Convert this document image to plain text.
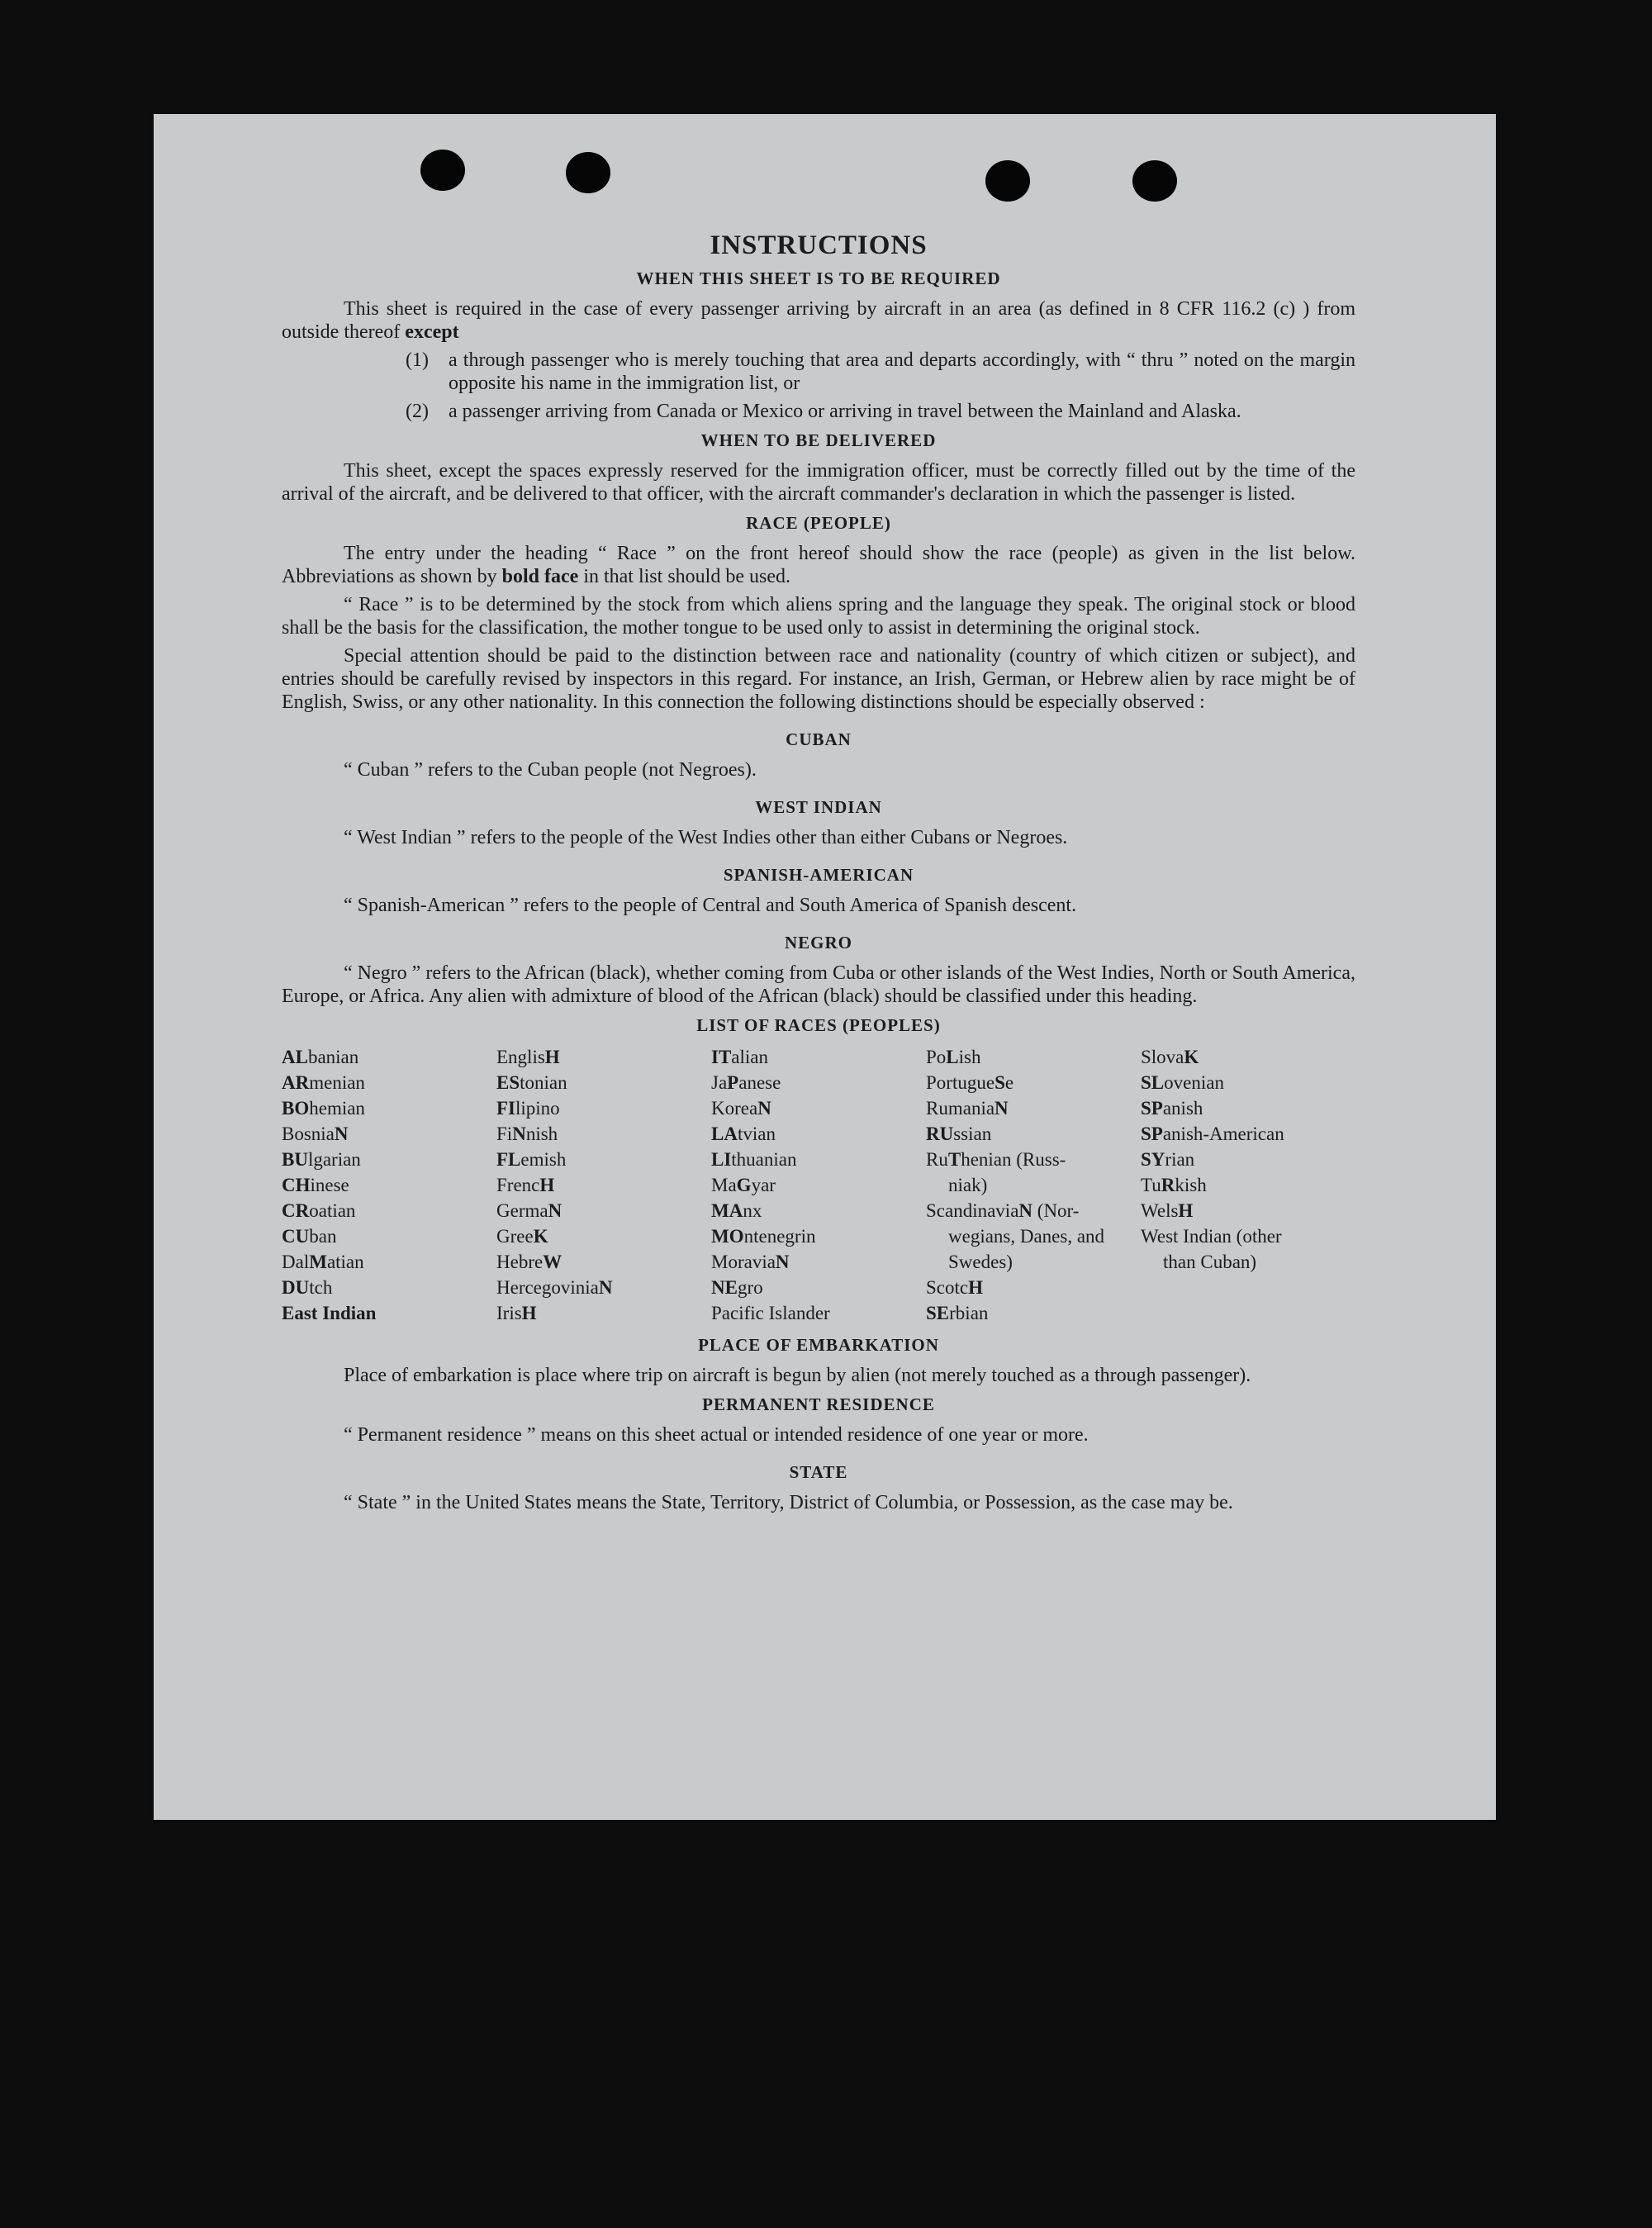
INSTRUCTIONS
WHEN THIS SHEET IS TO BE REQUIRED

This sheet is required in the case of every passenger arriving by aircraft in an area (as defined in 8 CFR 116.2 (c) ) from outside thereof except

(1)	a through passenger who is merely touching that area and departs accordingly, with “ thru ” noted on the margin opposite his name in the immigration list, or
(2)	a passenger arriving from Canada or Mexico or arriving in travel between the Mainland and Alaska.
WHEN TO BE DELIVERED

This sheet, except the spaces expressly reserved for the immigration officer, must be correctly filled out by the time of the arrival of the aircraft, and be delivered to that officer, with the aircraft commander's declaration in which the passenger is listed.

RACE (PEOPLE)

The entry under the heading “ Race ” on the front hereof should show the race (people) as given in the list below. Abbreviations as shown by bold face in that list should be used.

“ Race ” is to be determined by the stock from which aliens spring and the language they speak. The original stock or blood shall be the basis for the classification, the mother tongue to be used only to assist in determining the original stock.

Special attention should be paid to the distinction between race and nationality (country of which citizen or subject), and entries should be carefully revised by inspectors in this regard. For instance, an Irish, German, or Hebrew alien by race might be of English, Swiss, or any other nationality. In this connection the following distinctions should be especially observed :

CUBAN

“ Cuban ” refers to the Cuban people (not Negroes).

WEST INDIAN

“ West Indian ” refers to the people of the West Indies other than either Cubans or Negroes.

SPANISH-AMERICAN

“ Spanish-American ” refers to the people of Central and South America of Spanish descent.

NEGRO

“ Negro ” refers to the African (black), whether coming from Cuba or other islands of the West Indies, North or South America, Europe, or Africa. Any alien with admixture of blood of the African (black) should be classified under this heading.

LIST OF RACES (PEOPLES)
ALbanian
ARmenian
BOhemian
BosniaN
BUlgarian
CHinese
CRoatian
CUban
DalMatian
DUtch
East Indian
EnglisH
EStonian
FIlipino
FiNnish
FLemish
FrencH
GermaN
GreeK
HebreW
HercegoviniaN
IrisH
ITalian
JaPanese
KoreaN
LAtvian
LIthuanian
MaGyar
MAnx
MOntenegrin
MoraviaN
NEgro
Pacific Islander
PoLish
PortugueSe
RumaniaN
RUssian
RuThenian (Russ-
niak)
ScandinaviaN (Nor-
wegians, Danes, and Swedes)
ScotcH
SErbian
SlovaK
SLovenian
SPanish
SPanish-American
SYrian
TuRkish
WelsH
West Indian (other
than Cuban)
PLACE OF EMBARKATION

Place of embarkation is place where trip on aircraft is begun by alien (not merely touched as a through passenger).

PERMANENT RESIDENCE

“ Permanent residence ” means on this sheet actual or intended residence of one year or more.

STATE

“ State ” in the United States means the State, Territory, District of Columbia, or Possession, as the case may be.
